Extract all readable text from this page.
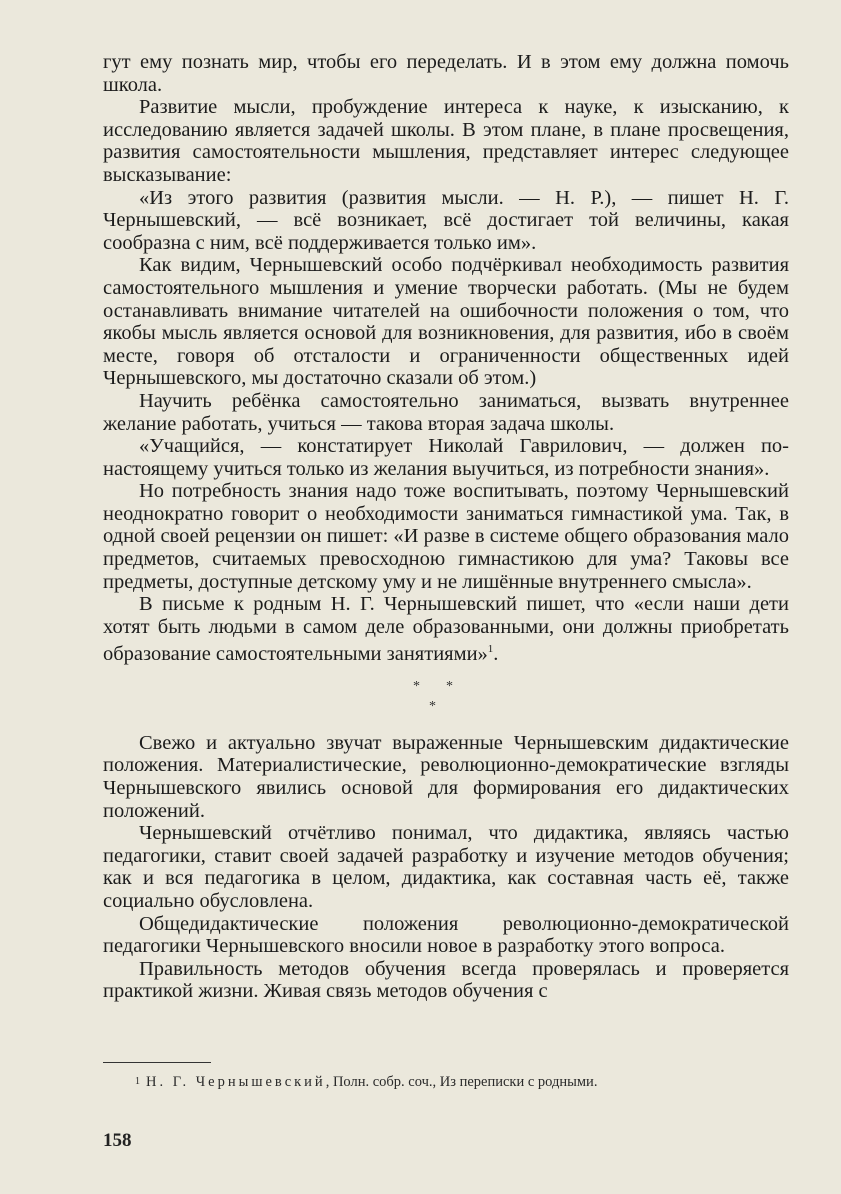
гут ему познать мир, чтобы его переделать. И в этом ему должна помочь школа.

Развитие мысли, пробуждение интереса к науке, к изысканию, к исследованию является задачей школы. В этом плане, в плане просвещения, развития самостоятельности мышления, представляет интерес следующее высказывание:

«Из этого развития (развития мысли. — Н. Р.), — пишет Н. Г. Чернышевский, — всё возникает, всё достигает той величины, какая сообразна с ним, всё поддерживается только им».

Как видим, Чернышевский особо подчёркивал необходимость развития самостоятельного мышления и умение творчески работать. (Мы не будем останавливать внимание читателей на ошибочности положения о том, что якобы мысль является основой для возникновения, для развития, ибо в своём месте, говоря об отсталости и ограниченности общественных идей Чернышевского, мы достаточно сказали об этом.)

Научить ребёнка самостоятельно заниматься, вызвать внутреннее желание работать, учиться — такова вторая задача школы.

«Учащийся, — констатирует Николай Гаврилович, — должен по-настоящему учиться только из желания выучиться, из потребности знания».

Но потребность знания надо тоже воспитывать, поэтому Чернышевский неоднократно говорит о необходимости заниматься гимнастикой ума. Так, в одной своей рецензии он пишет: «И разве в системе общего образования мало предметов, считаемых превосходною гимнастикою для ума? Таковы все предметы, доступные детскому уму и не лишённые внутреннего смысла».

В письме к родным Н. Г. Чернышевский пишет, что «если наши дети хотят быть людьми в самом деле образованными, они должны приобретать образование самостоятельными занятиями»$^1$.

* *
*

Свежо и актуально звучат выраженные Чернышевским дидактические положения. Материалистические, революционно-демократические взгляды Чернышевского явились основой для формирования его дидактических положений.

Чернышевский отчётливо понимал, что дидактика, являясь частью педагогики, ставит своей задачей разработку и изучение методов обучения; как и вся педагогика в целом, дидактика, как составная часть её, также социально обусловлена.

Общедидактические положения революционно-демократической педагогики Чернышевского вносили новое в разработку этого вопроса.

Правильность методов обучения всегда проверялась и проверяется практикой жизни. Живая связь методов обучения с

$^1$ Н. Г. Чернышевский, Полн. собр. соч., Из переписки с родными.
158
